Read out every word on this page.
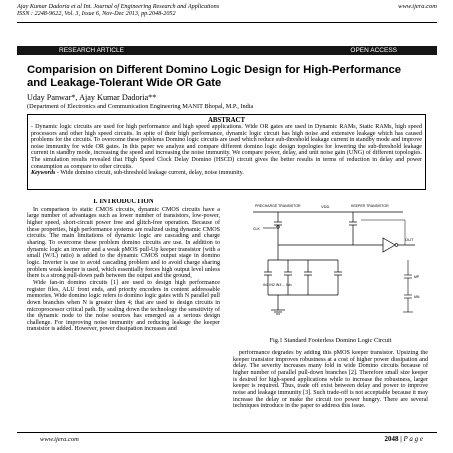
Ajay Kumar Dadoria et al Int. Journal of Engineering Research and Applications	www.ijera.com
ISSN : 2248-9622, Vol. 3, Issue 6, Nov-Dec 2013, pp.2048-2052
RESEARCH ARTICLE	OPEN ACCESS
Comparision on Different Domino Logic Design for High-Performance and Leakage-Tolerant Wide OR Gate
Uday Panwar*, Ajay Kumar Dadoria**
(Department of Electronics and Communication Engineering MANIT Bhopal, M.P., India
ABSTRACT
- Dynamic logic circuits are used for high performance and high speed applications. Wide OR gates are used in Dynamic RAMs, Static RAMs, high speed processors and other high speed circuits. In spite of their high performance, dynamic logic circuit has high noise and extensive leakage which has caused problems for the circuits. To overcome these problems Domino logic circuits are used which reduce sub-threshold leakage current in standby mode and improve noise immunity for wide OR gates. In this paper we analyze and compare different domino logic design topologies for lowering the sub-threshold leakage current in standby mode, increasing the speed and increasing the noise immunity. We compare power, delay, and unit noise gain (UNG) of different topologies. The simulation results revealed that High Speed Clock Delay Domino (HSCD) circuit gives the better results in terms of reduction in delay and power consumption as compare to other circuits.
Keywords - Wide domino circuit, sub-threshold leakage current, delay, noise immunity.
I. INTRODUCTION

In comparison to static CMOS circuits, dynamic CMOS circuits have a large number of advantages such as lower number of transistors, low-power, higher speed, short-circuit power free and glitch-free operation. Because of these properties, high performance systems are realized using dynamic CMOS circuits. The main limitations of dynamic logic are cascading and charge sharing. To overcome these problem domino circuits are use. In addition to dynamic logic an inverter and a weak pMOS pull-Up keeper transistor (with a small (W/L) ratio) is added to the dynamic CMOS output stage in domino logic. Inverter is use to avoid cascading problem and to avoid charge sharing problem weak keeper is used, which essentially forces high output level unless there is a strong pull-down path between the output and the ground,

Wide fan-in domino circuits [1] are used to design high performance register files, ALU front ends, and priority encoders in content addressable memories. Wide domino logic refers to domino logic gates with N parallel pull down branches when N is greater then 4; that are used to design circuits in microprocessor critical path. By scaling down the technology the sensitivity of the dynamic node to the noise sources has emerged as a serious design challenge. For improving noise immunity and reducing leakage the keeper transistor is added. However, power dissipation increases and

VDD
PRECHARGE TRANSISTOR	KEEPER TRANSISTOR
CLK
OUT
IN1 IN2 IN3 ... INn
MP
MN
Fig.1 Standard Footerless Domino Logic Circuit

performance degrades by adding this pMOS keeper transistor. Upsizing the keeper transistor improves robustness at a cost of higher power dissipation and delay. The severity increases many fold in wide Domino circuits because of higher number of parallel pull-down branches [2]. Therefore small size keeper is desired for high-speed applications while to increase the robustness, larger keeper is required. Thus, trade off exist between delay and power to improve noise and leakage immunity [3]. Such trade-off is not acceptable because it may increase the delay or make the circuit too power hungry. There are several techniques introduce in the paper to address this issue.

www.ijera.com	2048 | P a g e
